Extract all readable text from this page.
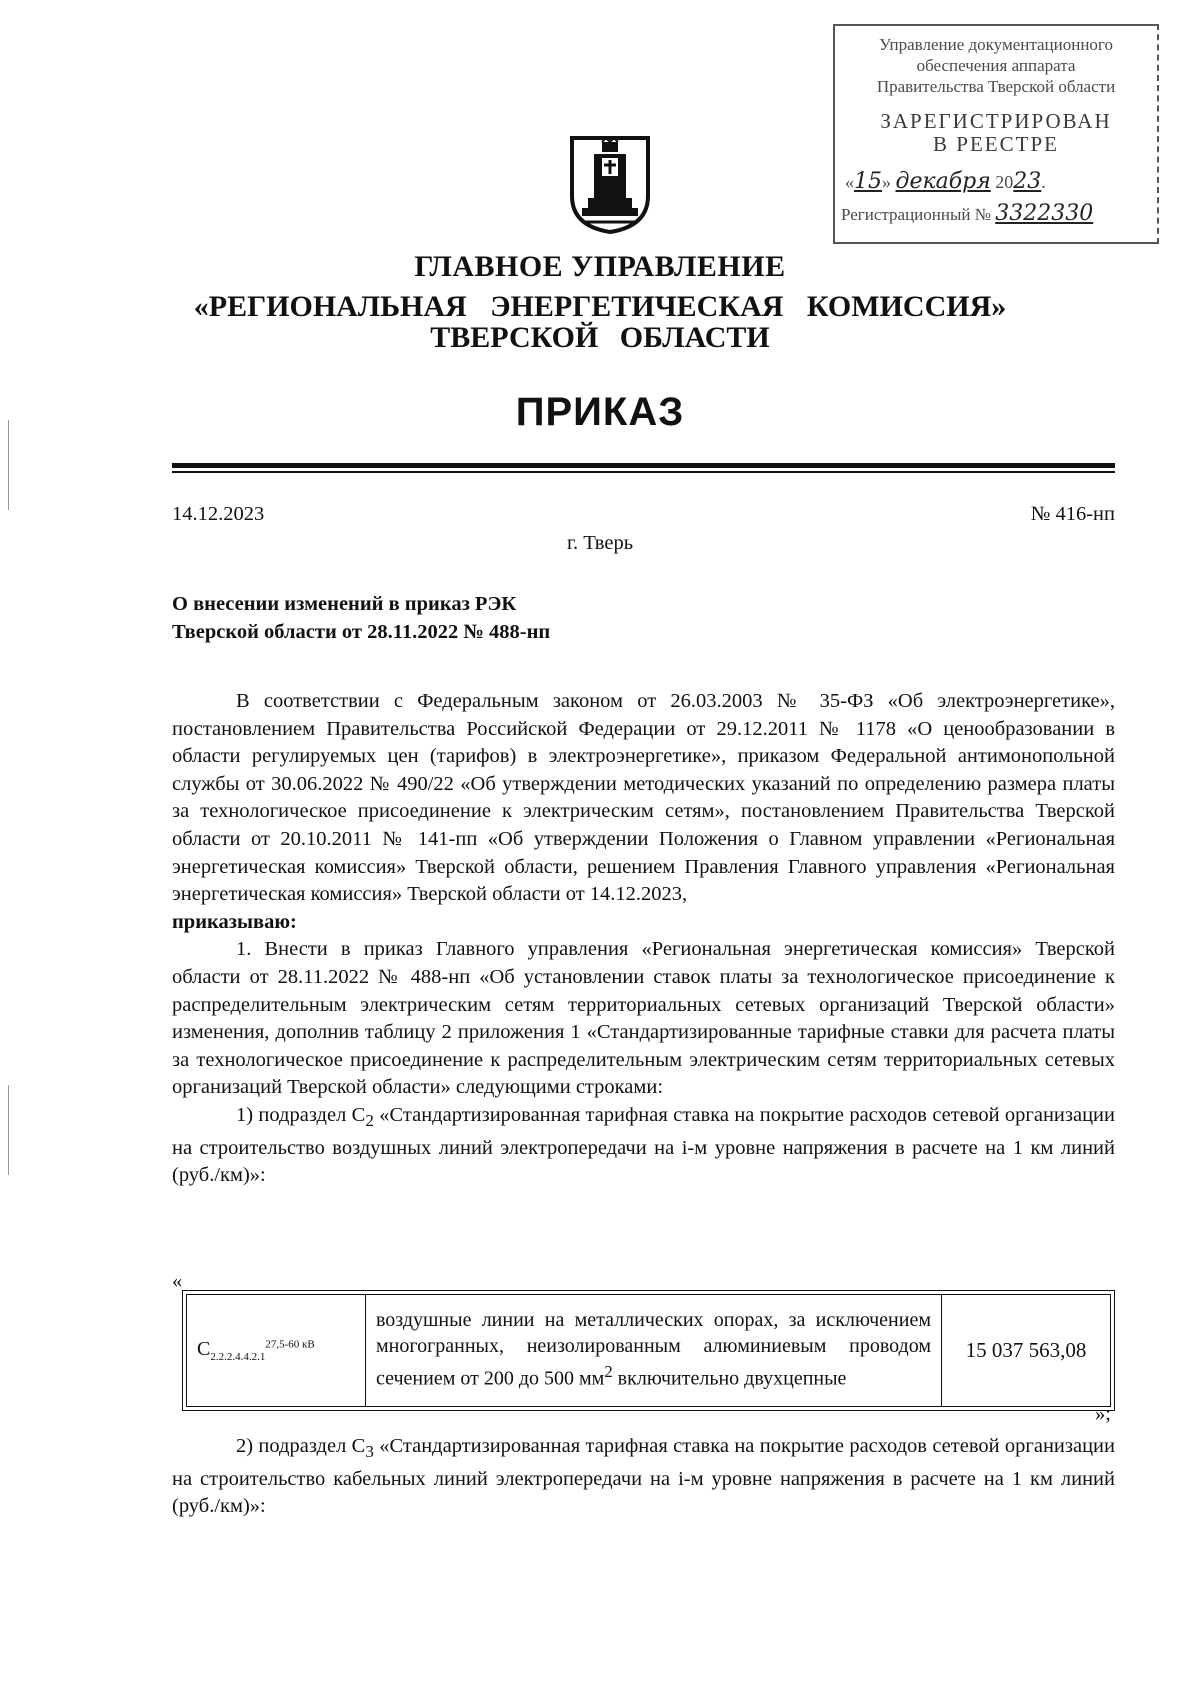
Управление документационного
обеспечения аппарата
Правительства Тверской области
ЗАРЕГИСТРИРОВАН
В РЕЕСТРЕ
«15» декабря 2023.
Регистрационный № 3322330
ГЛАВНОЕ УПРАВЛЕНИЕ
«РЕГИОНАЛЬНАЯ ЭНЕРГЕТИЧЕСКАЯ КОМИССИЯ»
ТВЕРСКОЙ ОБЛАСТИ
ПРИКАЗ
14.12.2023	№ 416-нп
г. Тверь
О внесении изменений в приказ РЭК
Тверской области от 28.11.2022 № 488-нп

В соответствии с Федеральным законом от 26.03.2003 № 35-ФЗ «Об электроэнергетике», постановлением Правительства Российской Федерации от 29.12.2011 № 1178 «О ценообразовании в области регулируемых цен (тарифов) в электроэнергетике», приказом Федеральной антимонопольной службы от 30.06.2022 № 490/22 «Об утверждении методических указаний по определению размера платы за технологическое присоединение к электрическим сетям», постановлением Правительства Тверской области от 20.10.2011 № 141-пп «Об утверждении Положения о Главном управлении «Региональная энергетическая комиссия» Тверской области, решением Правления Главного управления «Региональная энергетическая комиссия» Тверской области от 14.12.2023,

приказываю:

1. Внести в приказ Главного управления «Региональная энергетическая комиссия» Тверской области от 28.11.2022 № 488-нп «Об установлении ставок платы за технологическое присоединение к распределительным электрическим сетям территориальных сетевых организаций Тверской области» изменения, дополнив таблицу 2 приложения 1 «Стандартизированные тарифные ставки для расчета платы за технологическое присоединение к распределительным электрическим сетям территориальных сетевых организаций Тверской области» следующими строками:

1) подраздел $С_2$ «Стандартизированная тарифная ставка на покрытие расходов сетевой организации на строительство воздушных линий электропередачи на i-м уровне напряжения в расчете на 1 км линий (руб./км)»:

«
$С_{2.2.2.4.4.2.1}^{27,5-60 кВ}$	воздушные линии на металлических опорах, за исключением многогранных, неизолированным алюминиевым проводом сечением от 200 до 500 $мм^2$ включительно двухцепные	15 037 563,08
»;

2) подраздел $С_3$ «Стандартизированная тарифная ставка на покрытие расходов сетевой организации на строительство кабельных линий электропередачи на i-м уровне напряжения в расчете на 1 км линий (руб./км)»:
